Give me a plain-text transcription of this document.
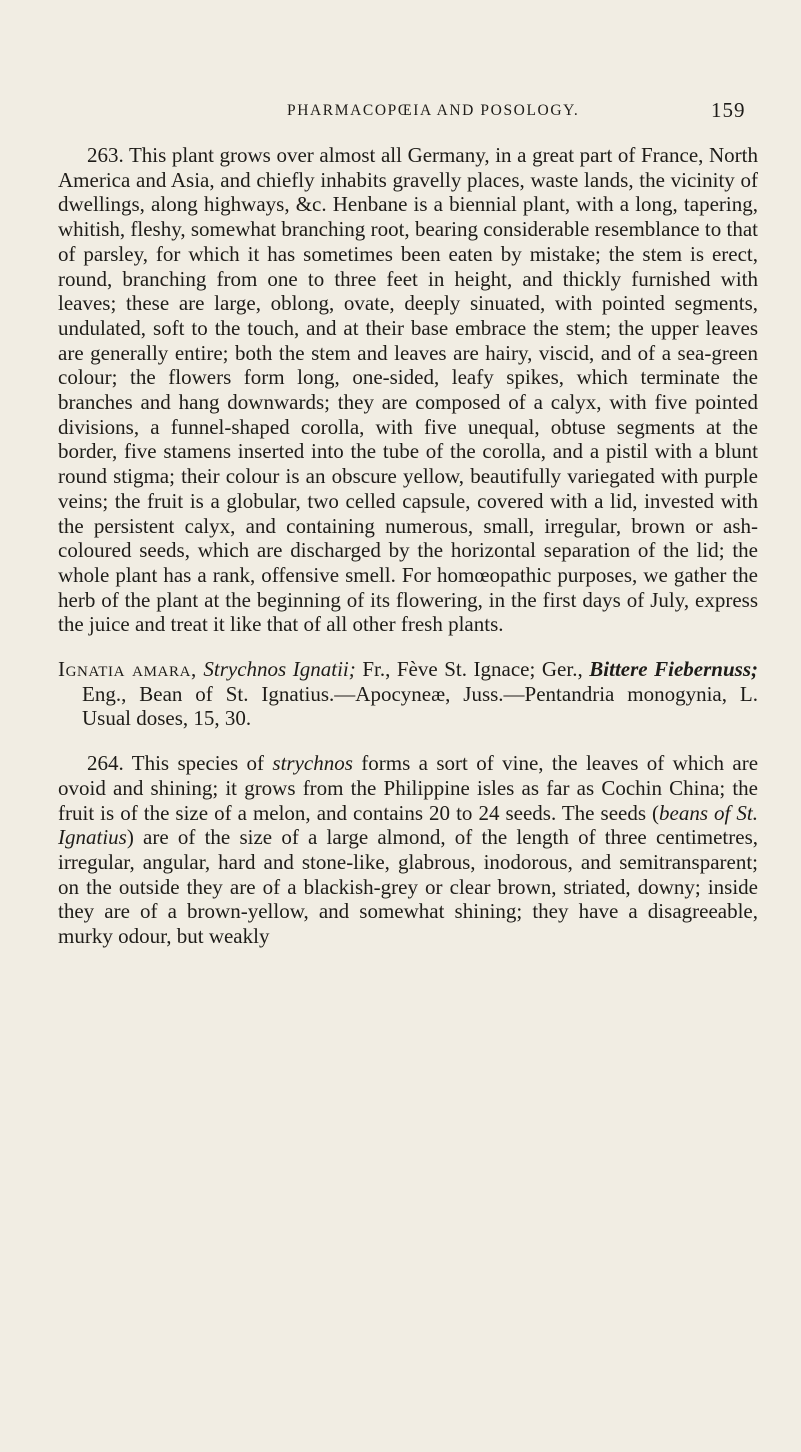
PHARMACOPŒIA AND POSOLOGY.	159

263. This plant grows over almost all Germany, in a great part of France, North America and Asia, and chiefly inhabits gravelly places, waste lands, the vicinity of dwellings, along highways, &c. Henbane is a biennial plant, with a long, tapering, whitish, fleshy, somewhat branching root, bearing considerable resemblance to that of parsley, for which it has sometimes been eaten by mistake; the stem is erect, round, branching from one to three feet in height, and thickly furnished with leaves; these are large, oblong, ovate, deeply sinuated, with pointed segments, undulated, soft to the touch, and at their base embrace the stem; the upper leaves are generally entire; both the stem and leaves are hairy, viscid, and of a sea-green colour; the flowers form long, one-sided, leafy spikes, which terminate the branches and hang downwards; they are composed of a calyx, with five pointed divisions, a funnel-shaped corolla, with five unequal, obtuse segments at the border, five stamens inserted into the tube of the corolla, and a pistil with a blunt round stigma; their colour is an obscure yellow, beautifully variegated with purple veins; the fruit is a globular, two celled capsule, covered with a lid, invested with the persistent calyx, and containing numerous, small, irregular, brown or ash-coloured seeds, which are discharged by the horizontal separation of the lid; the whole plant has a rank, offensive smell. For homœopathic purposes, we gather the herb of the plant at the beginning of its flowering, in the first days of July, express the juice and treat it like that of all other fresh plants.

Ignatia amara, Strychnos Ignatii; Fr., Fève St. Ignace; Ger., Bittere Fiebernuss; Eng., Bean of St. Ignatius.—Apocyneæ, Juss.—Pentandria monogynia, L. Usual doses, 15, 30.

264. This species of strychnos forms a sort of vine, the leaves of which are ovoid and shining; it grows from the Philippine isles as far as Cochin China; the fruit is of the size of a melon, and contains 20 to 24 seeds. The seeds (beans of St. Ignatius) are of the size of a large almond, of the length of three centimetres, irregular, angular, hard and stone-like, glabrous, inodorous, and semitransparent; on the outside they are of a blackish-grey or clear brown, striated, downy; inside they are of a brown-yellow, and somewhat shining; they have a disagreeable, murky odour, but weakly
